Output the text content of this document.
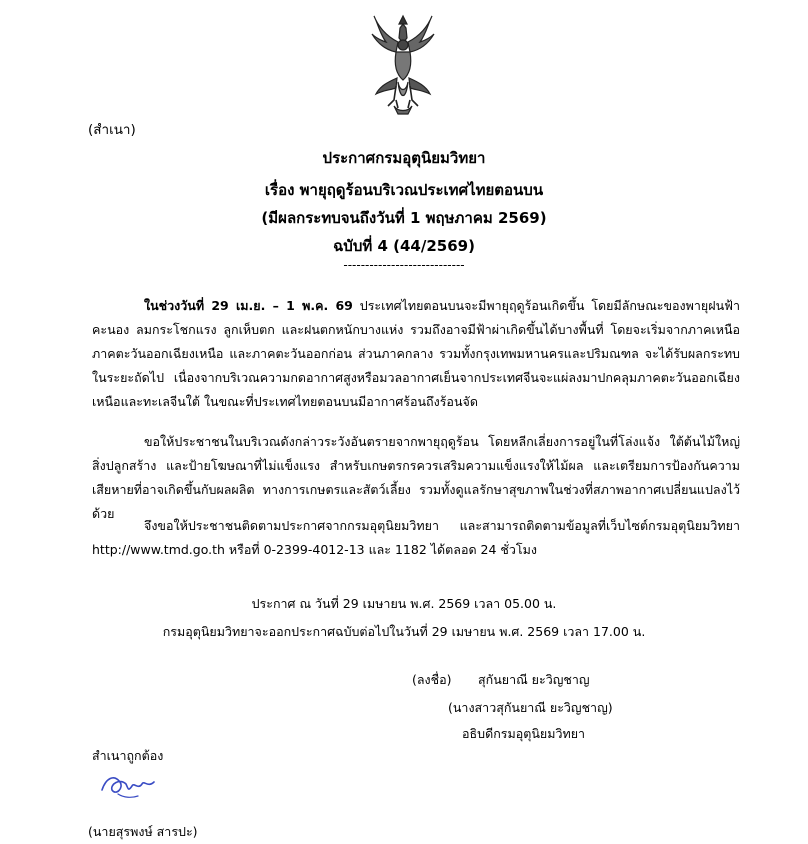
(สำเนา)
ประกาศกรมอุตุนิยมวิทยา
เรื่อง พายุฤดูร้อนบริเวณประเทศไทยตอนบน
(มีผลกระทบจนถึงวันที่ 1 พฤษภาคม 2569)
ฉบับที่ 4 (44/2569)
----------------------------
ในช่วงวันที่ 29 เม.ย. – 1 พ.ค. 69 ประเทศไทยตอนบนจะมีพายุฤดูร้อนเกิดขึ้น โดยมีลักษณะของพายุฝนฟ้าคะนอง ลมกระโชกแรง ลูกเห็บตก และฝนตกหนักบางแห่ง รวมถึงอาจมีฟ้าผ่าเกิดขึ้นได้บางพื้นที่ โดยจะเริ่มจากภาคเหนือ ภาคตะวันออกเฉียงเหนือ และภาคตะวันออกก่อน ส่วนภาคกลาง รวมทั้งกรุงเทพมหานครและปริมณฑล จะได้รับผลกระทบในระยะถัดไป เนื่องจากบริเวณความกดอากาศสูงหรือมวลอากาศเย็นจากประเทศจีนจะแผ่ลงมาปกคลุมภาคตะวันออกเฉียงเหนือและทะเลจีนใต้ ในขณะที่ประเทศไทยตอนบนมีอากาศร้อนถึงร้อนจัด
ขอให้ประชาชนในบริเวณดังกล่าวระวังอันตรายจากพายุฤดูร้อน โดยหลีกเลี่ยงการอยู่ในที่โล่งแจ้ง ใต้ต้นไม้ใหญ่ สิ่งปลูกสร้าง และป้ายโฆษณาที่ไม่แข็งแรง สำหรับเกษตรกรควรเสริมความแข็งแรงให้ไม้ผล และเตรียมการป้องกันความเสียหายที่อาจเกิดขึ้นกับผลผลิต ทางการเกษตรและสัตว์เลี้ยง รวมทั้งดูแลรักษาสุขภาพในช่วงที่สภาพอากาศเปลี่ยนแปลงไว้ด้วย
จึงขอให้ประชาชนติดตามประกาศจากกรมอุตุนิยมวิทยา และสามารถติดตามข้อมูลที่เว็บไซต์กรมอุตุนิยมวิทยา http://www.tmd.go.th หรือที่ 0-2399-4012-13 และ 1182 ได้ตลอด 24 ชั่วโมง
ประกาศ ณ วันที่ 29 เมษายน พ.ศ. 2569 เวลา 05.00 น.
กรมอุตุนิยมวิทยาจะออกประกาศฉบับต่อไปในวันที่ 29 เมษายน พ.ศ. 2569 เวลา 17.00 น.
(ลงชื่อ) สุกันยาณี ยะวิญชาญ
(นางสาวสุกันยาณี ยะวิญชาญ)
อธิบดีกรมอุตุนิยมวิทยา
สำเนาถูกต้อง
(นายสุรพงษ์ สารปะ)
